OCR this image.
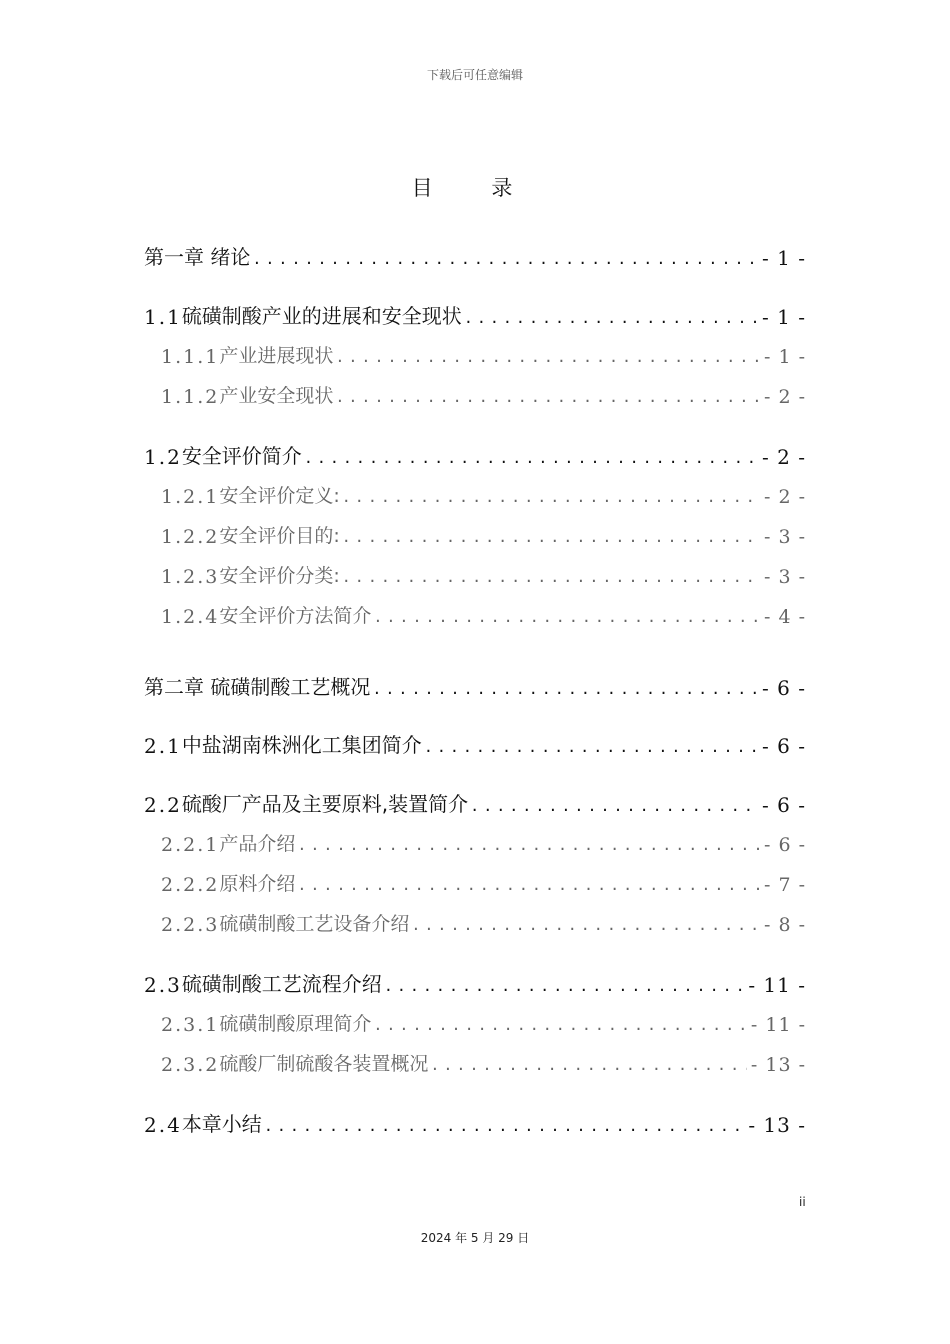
下载后可任意编辑
目 录
第一章 绪论 .....	- 1 -
1.1 硫磺制酸产业的进展和安全现状 .....	- 1 -
1.1.1 产业进展现状 .....	- 1 -
1.1.2 产业安全现状 .....	- 2 -
1.2 安全评价简介 .....	- 2 -
1.2.1 安全评价定义: .....	- 2 -
1.2.2 安全评价目的: .....	- 3 -
1.2.3 安全评价分类: .....	- 3 -
1.2.4 安全评价方法简介 .....	- 4 -
第二章 硫磺制酸工艺概况 .....	- 6 -
2.1 中盐湖南株洲化工集团简介 .....	- 6 -
2.2 硫酸厂产品及主要原料,装置简介 .....	- 6 -
2.2.1 产品介绍 .....	- 6 -
2.2.2 原料介绍 .....	- 7 -
2.2.3 硫磺制酸工艺设备介绍 .....	- 8 -
2.3 硫磺制酸工艺流程介绍 .....	- 11 -
2.3.1 硫磺制酸原理简介 .....	- 11 -
2.3.2 硫酸厂制硫酸各装置概况 .....	- 13 -
2.4 本章小结 .....	- 13 -
ii
2024 年 5 月 29 日
